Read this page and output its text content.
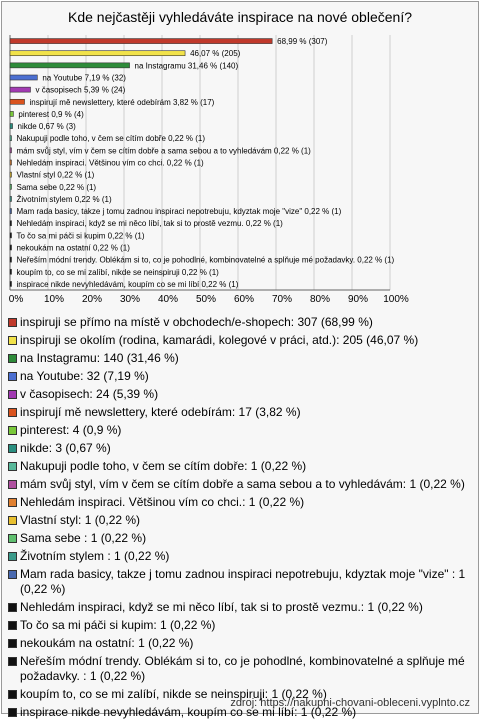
Kde nejčastěji vyhledáváte inspirace na nové oblečení?
0% 10% 20% 30% 40% 50% 60% 70% 80% 90% 100%
68,99 % (307)
46,07 % (205)
na Instagramu 31,46 % (140)
na Youtube 7,19 % (32)
v časopisech 5,39 % (24)
inspirují mě newslettery, které odebírám 3,82 % (17)
pinterest 0,9 % (4)
nikde 0,67 % (3)
Nakupuji podle toho, v čem se cítím dobře 0,22 % (1)
mám svůj styl, vím v čem se cítím dobře a sama sebou a to vyhledávám 0,22 % (1)
Nehledám inspiraci. Většinou vím co chci. 0,22 % (1)
Vlastní styl 0,22 % (1)
Sama sebe 0,22 % (1)
Životním stylem 0,22 % (1)
Mam rada basicy, takze j tomu zadnou inspiraci nepotrebuju, kdyztak moje "vize" 0,22 % (1)
Nehledám inspiraci, když se mi něco líbí, tak si to prostě vezmu. 0,22 % (1)
To čo sa mi páči si kupim 0,22 % (1)
nekoukám na ostatní 0,22 % (1)
Neřeším módní trendy. Oblékám si to, co je pohodlné, kombinovatelné a splňuje mé požadavky. 0,22 % (1)
koupím to, co se mi zalíbí, nikde se neinspiruji 0,22 % (1)
inspirace nikde nevyhledávám, koupím co se mi líbí 0,22 % (1)
inspiruji se přímo na místě v obchodech/e-shopech: 307 (68,99 %)
inspiruji se okolím (rodina, kamarádi, kolegové v práci, atd.): 205 (46,07 %)
na Instagramu: 140 (31,46 %)
na Youtube: 32 (7,19 %)
v časopisech: 24 (5,39 %)
inspirují mě newslettery, které odebírám: 17 (3,82 %)
pinterest: 4 (0,9 %)
nikde: 3 (0,67 %)
Nakupuji podle toho, v čem se cítím dobře: 1 (0,22 %)
mám svůj styl, vím v čem se cítím dobře a sama sebou a to vyhledávám: 1 (0,22 %)
Nehledám inspiraci. Většinou vím co chci.: 1 (0,22 %)
Vlastní styl: 1 (0,22 %)
Sama sebe : 1 (0,22 %)
Životním stylem : 1 (0,22 %)
Mam rada basicy, takze j tomu zadnou inspiraci nepotrebuju, kdyztak moje "vize" : 1 (0,22 %)
Nehledám inspiraci, když se mi něco líbí, tak si to prostě vezmu.: 1 (0,22 %)
To čo sa mi páči si kupim: 1 (0,22 %)
nekoukám na ostatní: 1 (0,22 %)
Neřeším módní trendy. Oblékám si to, co je pohodlné, kombinovatelné a splňuje mé požadavky. : 1 (0,22 %)
koupím to, co se mi zalíbí, nikde se neinspiruji: 1 (0,22 %)
inspirace nikde nevyhledávám, koupím co se mi líbí: 1 (0,22 %)
zdroj: https://nakupni-chovani-obleceni.vyplnto.cz
